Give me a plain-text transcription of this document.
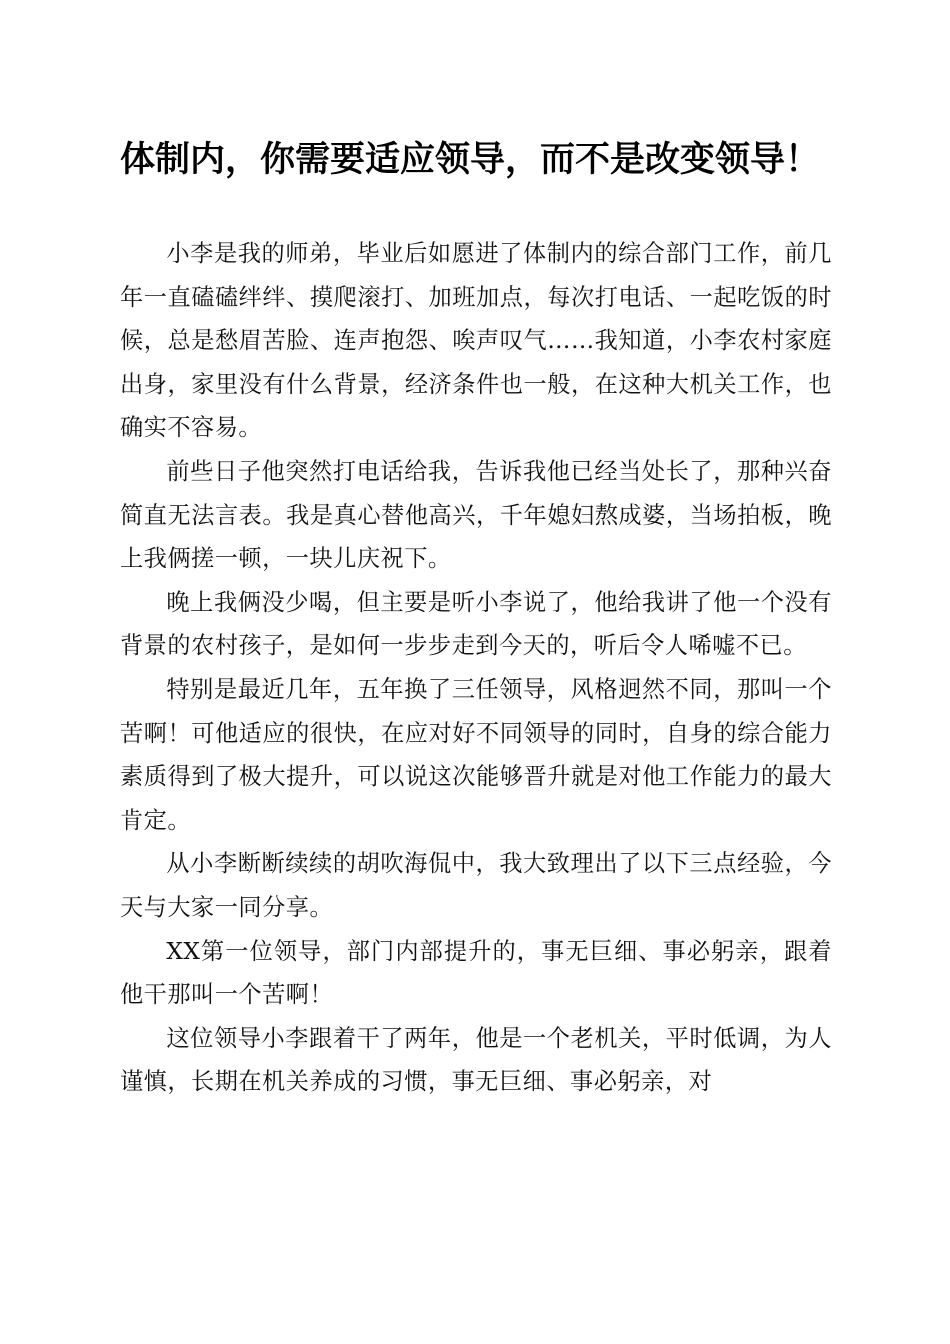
体制内，你需要适应领导，而不是改变领导！

小李是我的师弟，毕业后如愿进了体制内的综合部门工作，前几年一直磕磕绊绊、摸爬滚打、加班加点，每次打电话、一起吃饭的时候，总是愁眉苦脸、连声抱怨、唉声叹气……我知道，小李农村家庭出身，家里没有什么背景，经济条件也一般，在这种大机关工作，也确实不容易。

前些日子他突然打电话给我，告诉我他已经当处长了，那种兴奋简直无法言表。我是真心替他高兴，千年媳妇熬成婆，当场拍板，晚上我俩搓一顿，一块儿庆祝下。

晚上我俩没少喝，但主要是听小李说了，他给我讲了他一个没有背景的农村孩子，是如何一步步走到今天的，听后令人唏嘘不已。

特别是最近几年，五年换了三任领导，风格迥然不同，那叫一个苦啊！可他适应的很快，在应对好不同领导的同时，自身的综合能力素质得到了极大提升，可以说这次能够晋升就是对他工作能力的最大肯定。

从小李断断续续的胡吹海侃中，我大致理出了以下三点经验，今天与大家一同分享。

XX第一位领导，部门内部提升的，事无巨细、事必躬亲，跟着他干那叫一个苦啊！

这位领导小李跟着干了两年，他是一个老机关，平时低调，为人谨慎，长期在机关养成的习惯，事无巨细、事必躬亲，对
